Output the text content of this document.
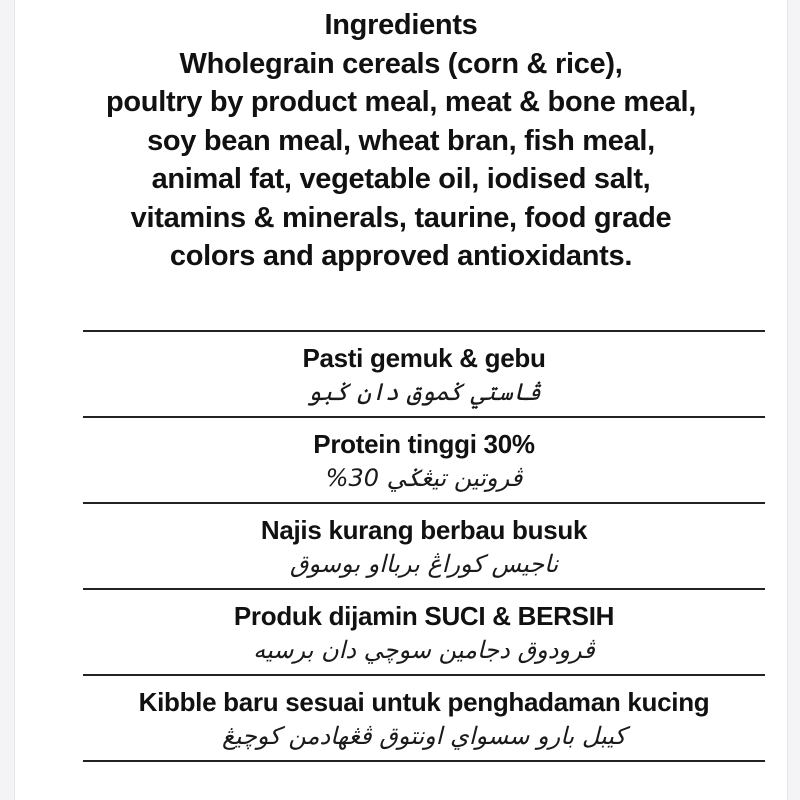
Ingredients
Wholegrain cereals (corn & rice),
poultry by product meal, meat & bone meal,
soy bean meal, wheat bran, fish meal,
animal fat, vegetable oil, iodised salt,
vitamins & minerals, taurine, food grade
colors and approved antioxidants.
Pasti gemuk & gebu
ڤاستي ݢموق دان ݢبو
Protein tinggi 30%
ڤروتين تيڠݢي 30%
Najis kurang berbau busuk
ناجيس کوراڠ بربااو بوسوق
Produk dijamin SUCI & BERSIH
ڤرودوق دجامين سوچي دان برسيه
Kibble baru sesuai untuk penghadaman kucing
کيبل بارو سسواي اونتوق ڤڠهادمن کوچيڠ
